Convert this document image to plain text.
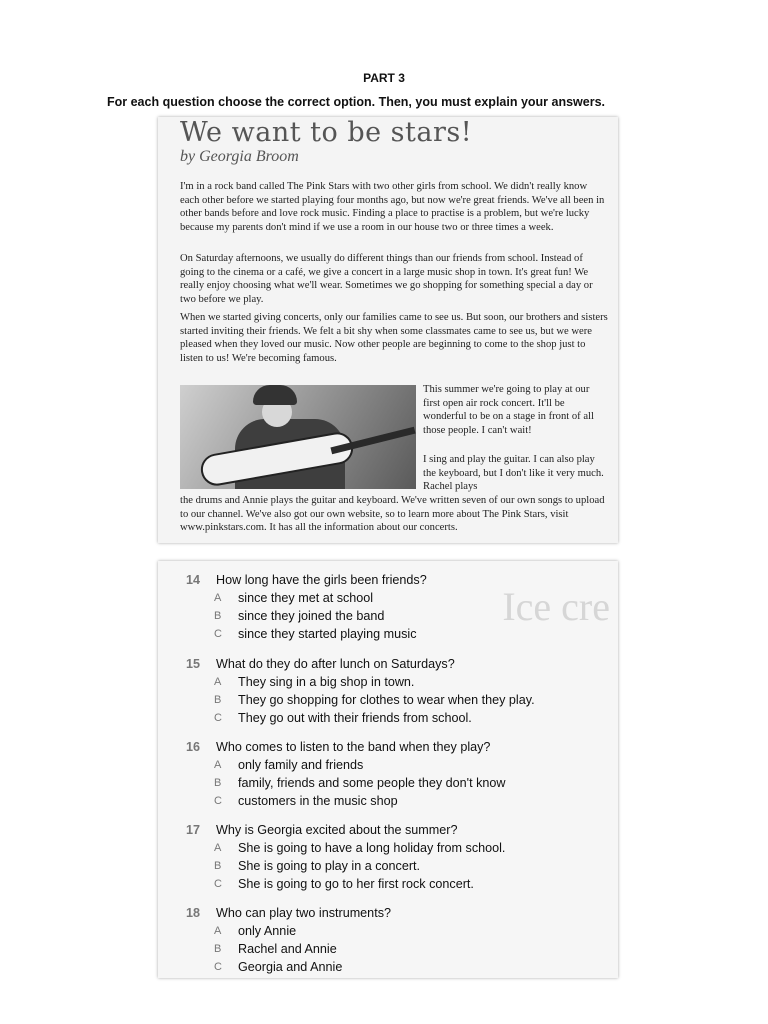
PART 3
For each question choose the correct option. Then, you must explain your answers.
We want to be stars!
by Georgia Broom

I'm in a rock band called The Pink Stars with two other girls from school. We didn't really know each other before we started playing four months ago, but now we're great friends. We've all been in other bands before and love rock music. Finding a place to practise is a problem, but we're lucky because my parents don't mind if we use a room in our house two or three times a week.

On Saturday afternoons, we usually do different things than our friends from school. Instead of going to the cinema or a café, we give a concert in a large music shop in town. It's great fun! We really enjoy choosing what we'll wear. Sometimes we go shopping for something special a day or two before we play.

When we started giving concerts, only our families came to see us. But soon, our brothers and sisters started inviting their friends. We felt a bit shy when some classmates came to see us, but we were pleased when they loved our music. Now other people are beginning to come to the shop just to listen to us! We're becoming famous.

This summer we're going to play at our first open air rock concert. It'll be wonderful to be on a stage in front of all those people. I can't wait!

I sing and play the guitar. I can also play the keyboard, but I don't like it very much. Rachel plays

the drums and Annie plays the guitar and keyboard. We've written seven of our own songs to upload to our channel. We've also got our own website, so to learn more about The Pink Stars, visit www.pinkstars.com. It has all the information about our concerts.

Ice cre
14 How long have the girls been friends?
A since they met at school
B since they joined the band
C since they started playing music
15 What do they do after lunch on Saturdays?
A They sing in a big shop in town.
B They go shopping for clothes to wear when they play.
C They go out with their friends from school.
16 Who comes to listen to the band when they play?
A only family and friends
B family, friends and some people they don't know
C customers in the music shop
17 Why is Georgia excited about the summer?
A She is going to have a long holiday from school.
B She is going to play in a concert.
C She is going to go to her first rock concert.
18 Who can play two instruments?
A only Annie
B Rachel and Annie
C Georgia and Annie
